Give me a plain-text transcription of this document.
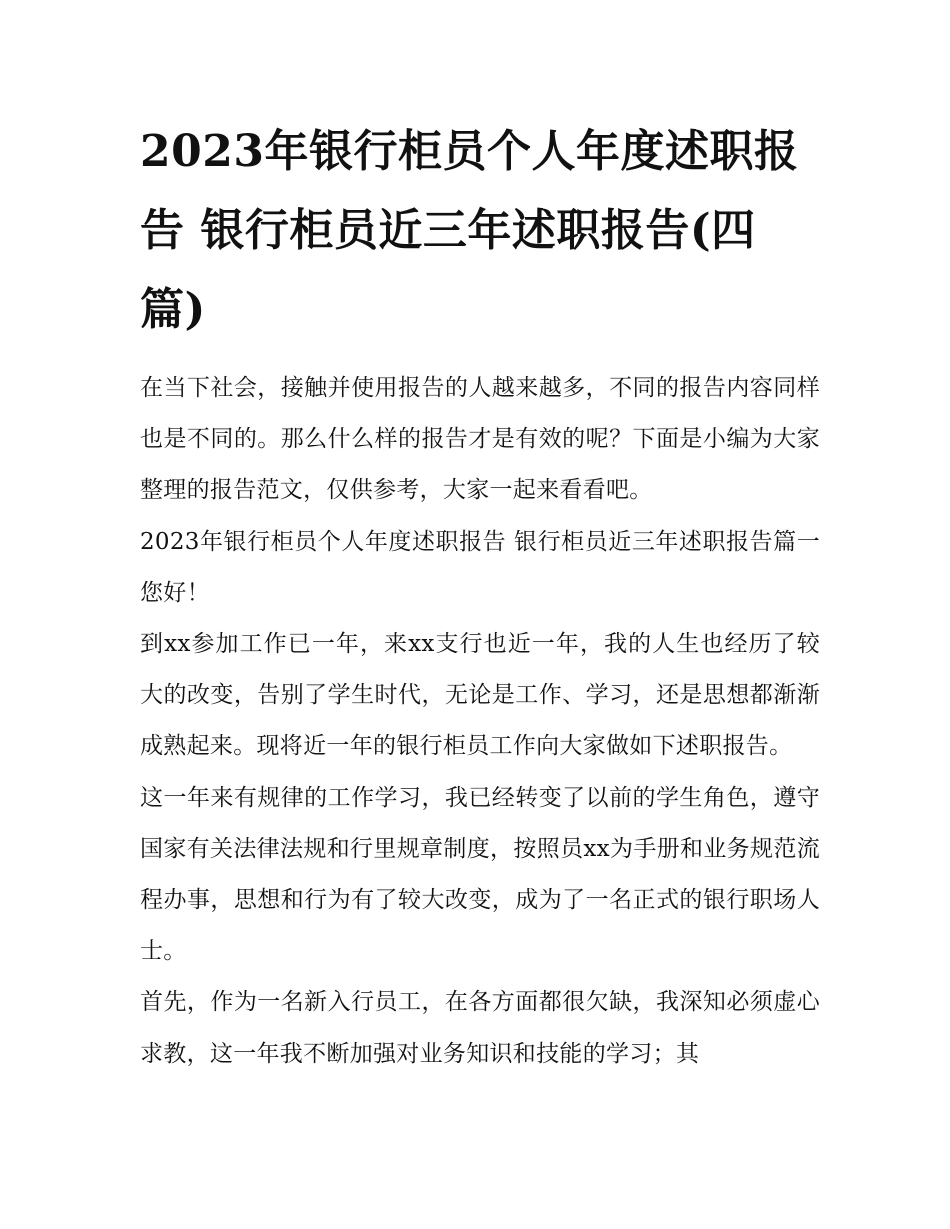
2023年银行柜员个人年度述职报告 银行柜员近三年述职报告(四篇)

在当下社会，接触并使用报告的人越来越多，不同的报告内容同样也是不同的。那么什么样的报告才是有效的呢？下面是小编为大家整理的报告范文，仅供参考，大家一起来看看吧。

2023年银行柜员个人年度述职报告 银行柜员近三年述职报告篇一 您好！

到xx参加工作已一年，来xx支行也近一年，我的人生也经历了较大的改变，告别了学生时代，无论是工作、学习，还是思想都渐渐成熟起来。现将近一年的银行柜员工作向大家做如下述职报告。

这一年来有规律的工作学习，我已经转变了以前的学生角色，遵守国家有关法律法规和行里规章制度，按照员xx为手册和业务规范流程办事，思想和行为有了较大改变，成为了一名正式的银行职场人士。

首先，作为一名新入行员工，在各方面都很欠缺，我深知必须虚心求教，这一年我不断加强对业务知识和技能的学习；其
